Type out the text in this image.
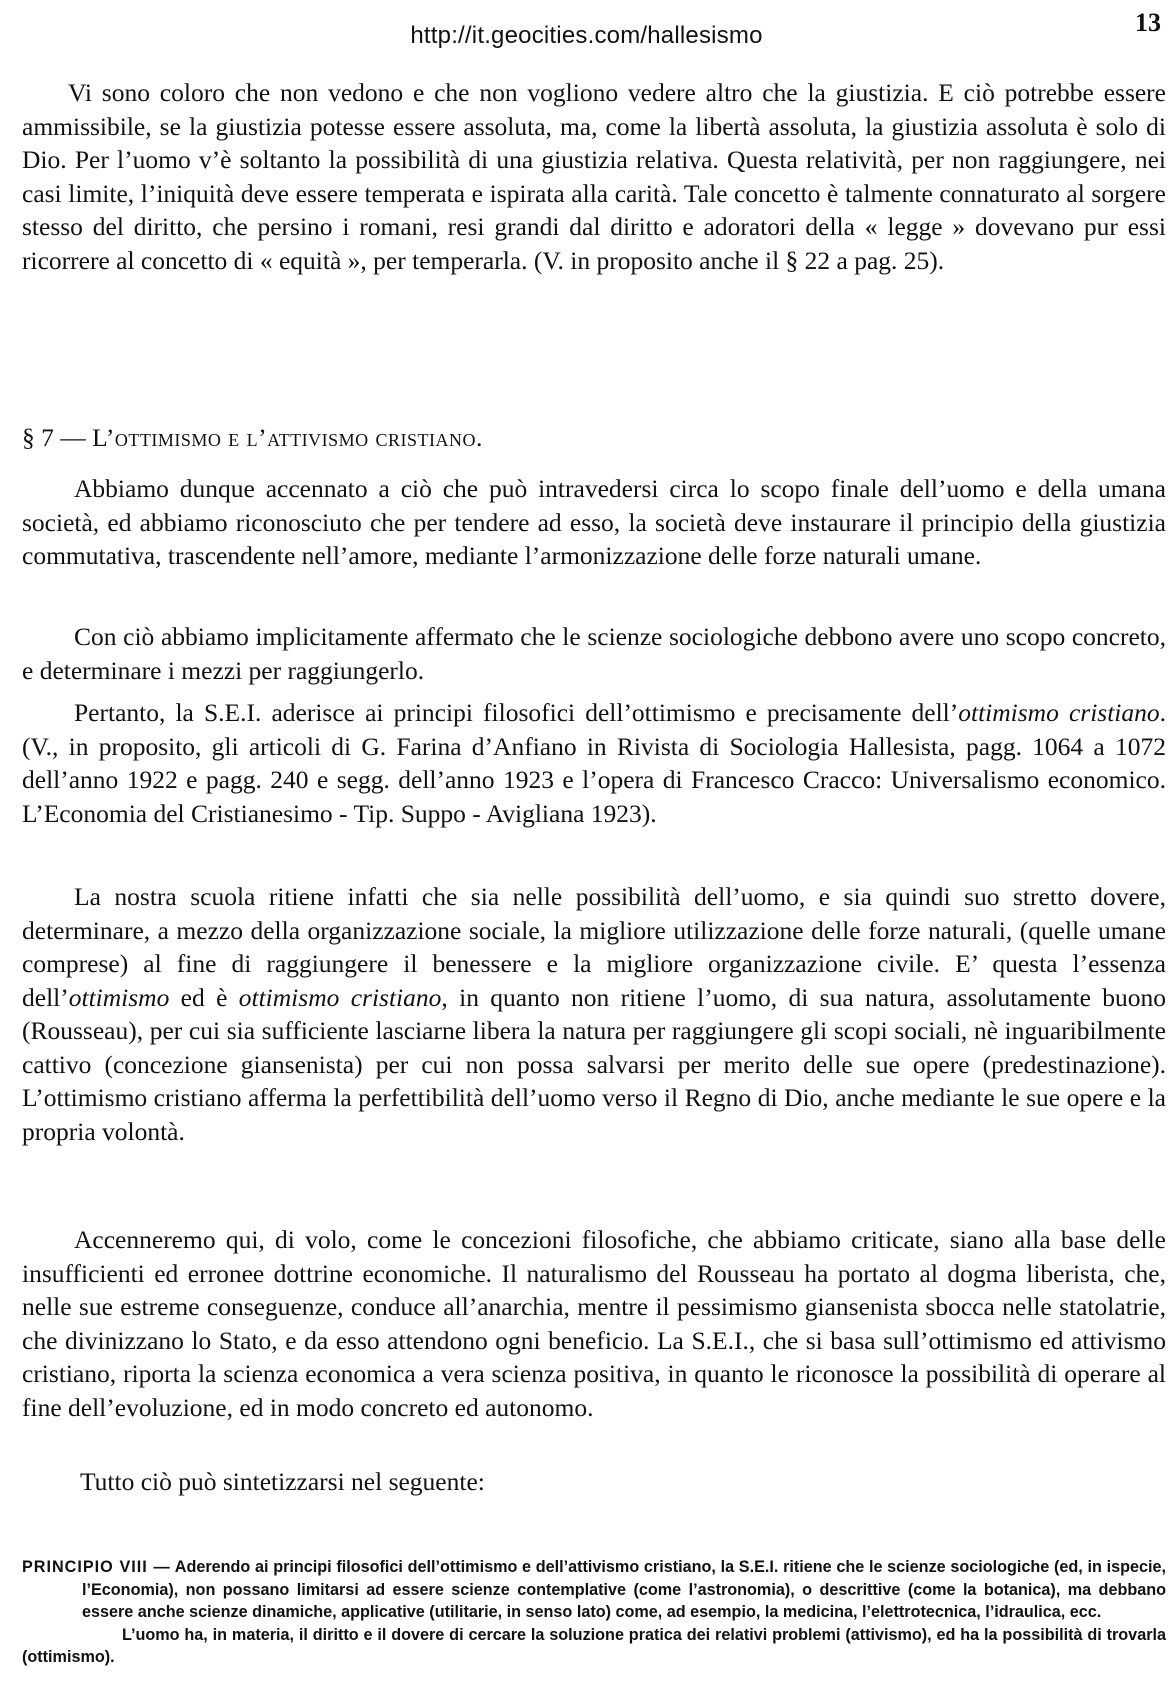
http://it.geocities.com/hallesismo	13

Vi sono coloro che non vedono e che non vogliono vedere altro che la giustizia. E ciò potrebbe essere ammissibile, se la giustizia potesse essere assoluta, ma, come la libertà assoluta, la giustizia assoluta è solo di Dio. Per l’uomo v’è soltanto la possibilità di una giustizia relativa. Questa relatività, per non raggiungere, nei casi limite, l’iniquità deve essere temperata e ispirata alla carità. Tale concetto è talmente connaturato al sorgere stesso del diritto, che persino i romani, resi grandi dal diritto e adoratori della « legge » dovevano pur essi ricorrere al concetto di « equità », per temperarla. (V. in proposito anche il § 22 a pag. 25).

§ 7 — L’ottimismo e l’attivismo cristiano.

Abbiamo dunque accennato a ciò che può intravedersi circa lo scopo finale dell’uomo e della umana società, ed abbiamo riconosciuto che per tendere ad esso, la società deve instaurare il principio della giustizia commutativa, trascendente nell’amore, mediante l’armonizzazione delle forze naturali umane.

Con ciò abbiamo implicitamente affermato che le scienze sociologiche debbono avere uno scopo concreto, e determinare i mezzi per raggiungerlo.

Pertanto, la S.E.I. aderisce ai principi filosofici dell’ottimismo e precisamente dell’ottimismo cristiano. (V., in proposito, gli articoli di G. Farina d’Anfiano in Rivista di Sociologia Hallesista, pagg. 1064 a 1072 dell’anno 1922 e pagg. 240 e segg. dell’anno 1923 e l’opera di Francesco Cracco: Universalismo economico. L’Economia del Cristianesimo - Tip. Suppo - Avigliana 1923).

La nostra scuola ritiene infatti che sia nelle possibilità dell’uomo, e sia quindi suo stretto dovere, determinare, a mezzo della organizzazione sociale, la migliore utilizzazione delle forze naturali, (quelle umane comprese) al fine di raggiungere il benessere e la migliore organizzazione civile. E’ questa l’essenza dell’ottimismo ed è ottimismo cristiano, in quanto non ritiene l’uomo, di sua natura, assolutamente buono (Rousseau), per cui sia sufficiente lasciarne libera la natura per raggiungere gli scopi sociali, nè inguaribilmente cattivo (concezione giansenista) per cui non possa salvarsi per merito delle sue opere (predestinazione). L’ottimismo cristiano afferma la perfettibilità dell’uomo verso il Regno di Dio, anche mediante le sue opere e la propria volontà.

Accenneremo qui, di volo, come le concezioni filosofiche, che abbiamo criticate, siano alla base delle insufficienti ed erronee dottrine economiche. Il naturalismo del Rousseau ha portato al dogma liberista, che, nelle sue estreme conseguenze, conduce all’anarchia, mentre il pessimismo giansenista sbocca nelle statolatrie, che divinizzano lo Stato, e da esso attendono ogni beneficio. La S.E.I., che si basa sull’ottimismo ed attivismo cristiano, riporta la scienza economica a vera scienza positiva, in quanto le riconosce la possibilità di operare al fine dell’evoluzione, ed in modo concreto ed autonomo.

Tutto ciò può sintetizzarsi nel seguente:

PRINCIPIO VIII — Aderendo ai principi filosofici dell’ottimismo e dell’attivismo cristiano, la S.E.I. ritiene che le scienze sociologiche (ed, in ispecie, l’Economia), non possano limitarsi ad essere scienze contemplative (come l’astronomia), o descrittive (come la botanica), ma debbano essere anche scienze dinamiche, applicative (utilitarie, in senso lato) come, ad esempio, la medicina, l’elettrotecnica, l’idraulica, ecc.

L’uomo ha, in materia, il diritto e il dovere di cercare la soluzione pratica dei relativi problemi (attivismo), ed ha la possibilità di trovarla (ottimismo).
